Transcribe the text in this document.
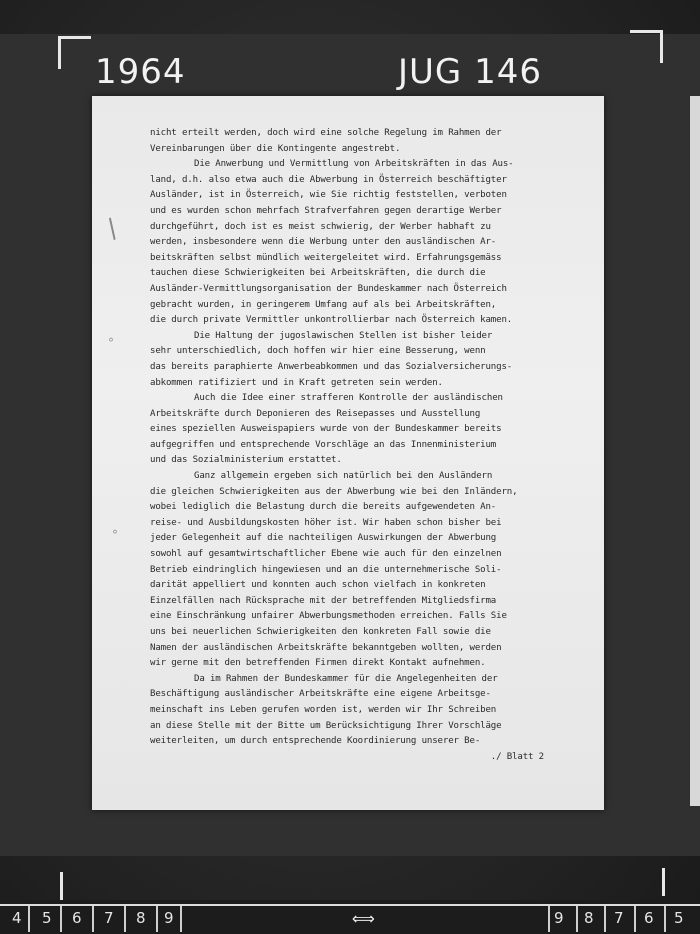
1964	JUG 146
/
°
°

nicht erteilt werden, doch wird eine solche Regelung im Rahmen der
Vereinbarungen über die Kontingente angestrebt.

Die Anwerbung und Vermittlung von Arbeitskräften in das Aus-
land, d.h. also etwa auch die Abwerbung in Österreich beschäftigter
Ausländer, ist in Österreich, wie Sie richtig feststellen, verboten
und es wurden schon mehrfach Strafverfahren gegen derartige Werber
durchgeführt, doch ist es meist schwierig, der Werber habhaft zu
werden, insbesondere wenn die Werbung unter den ausländischen Ar-
beitskräften selbst mündlich weitergeleitet wird. Erfahrungsgemäss
tauchen diese Schwierigkeiten bei Arbeitskräften, die durch die
Ausländer-Vermittlungsorganisation der Bundeskammer nach Österreich
gebracht wurden, in geringerem Umfang auf als bei Arbeitskräften,
die durch private Vermittler unkontrollierbar nach Österreich kamen.

Die Haltung der jugoslawischen Stellen ist bisher leider
sehr unterschiedlich, doch hoffen wir hier eine Besserung, wenn
das bereits paraphierte Anwerbeabkommen und das Sozialversicherungs-
abkommen ratifiziert und in Kraft getreten sein werden.

Auch die Idee einer strafferen Kontrolle der ausländischen
Arbeitskräfte durch Deponieren des Reisepasses und Ausstellung
eines speziellen Ausweispapiers wurde von der Bundeskammer bereits
aufgegriffen und entsprechende Vorschläge an das Innenministerium
und das Sozialministerium erstattet.

Ganz allgemein ergeben sich natürlich bei den Ausländern
die gleichen Schwierigkeiten aus der Abwerbung wie bei den Inländern,
wobei lediglich die Belastung durch die bereits aufgewendeten An-
reise- und Ausbildungskosten höher ist. Wir haben schon bisher bei
jeder Gelegenheit auf die nachteiligen Auswirkungen der Abwerbung
sowohl auf gesamtwirtschaftlicher Ebene wie auch für den einzelnen
Betrieb eindringlich hingewiesen und an die unternehmerische Soli-
darität appelliert und konnten auch schon vielfach in konkreten
Einzelfällen nach Rücksprache mit der betreffenden Mitgliedsfirma
eine Einschränkung unfairer Abwerbungsmethoden erreichen. Falls Sie
uns bei neuerlichen Schwierigkeiten den konkreten Fall sowie die
Namen der ausländischen Arbeitskräfte bekanntgeben wollten, werden
wir gerne mit den betreffenden Firmen direkt Kontakt aufnehmen.

Da im Rahmen der Bundeskammer für die Angelegenheiten der
Beschäftigung ausländischer Arbeitskräfte eine eigene Arbeitsge-
meinschaft ins Leben gerufen worden ist, werden wir Ihr Schreiben
an diese Stelle mit der Bitte um Berücksichtigung Ihrer Vorschläge
weiterleiten, um durch entsprechende Koordinierung unserer Be-

./ Blatt 2

4 5 6 7 8 9	⟺	9 8 7 6 5
